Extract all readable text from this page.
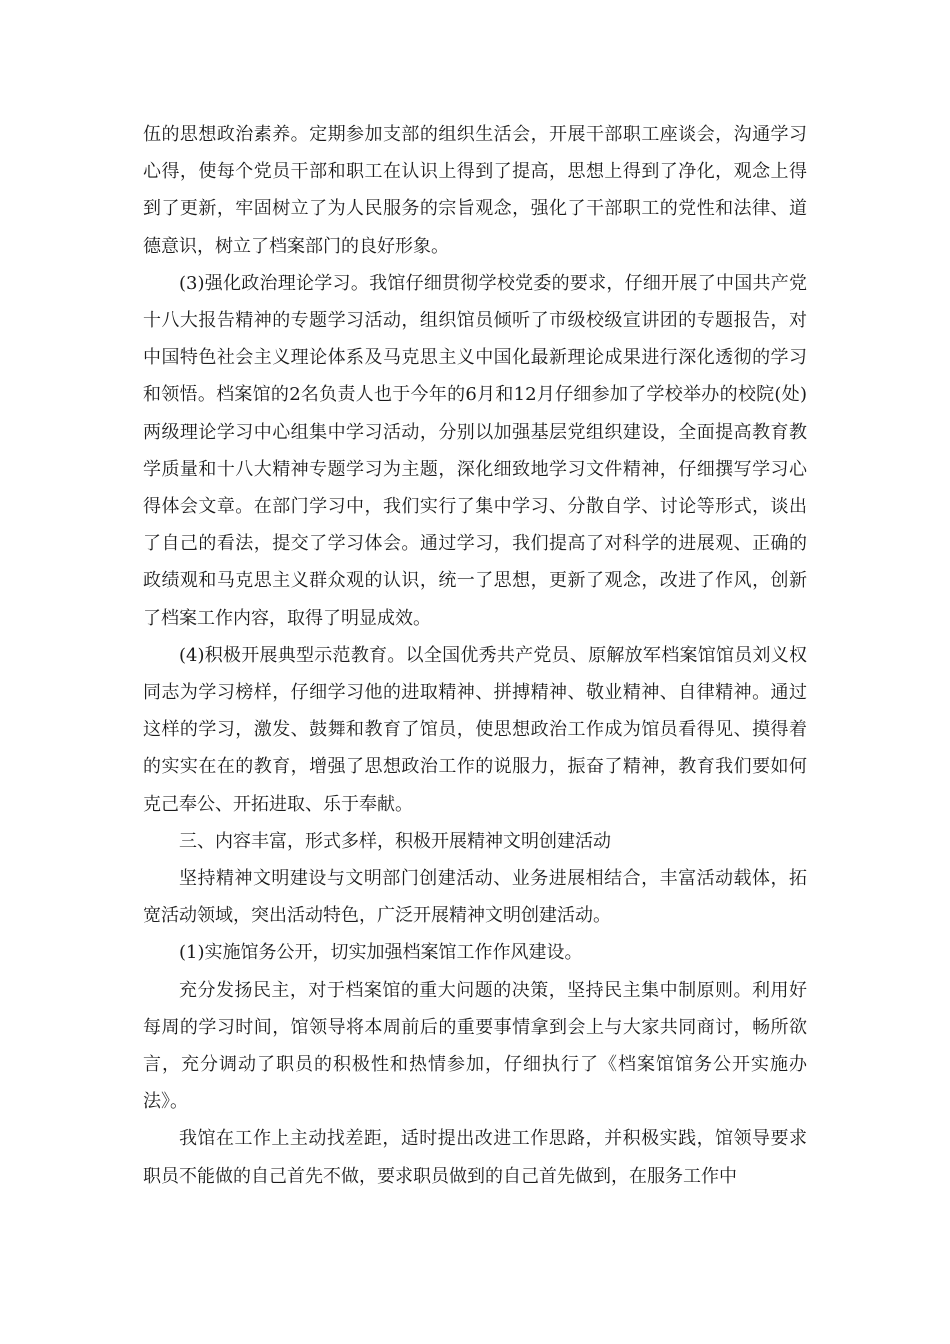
伍的思想政治素养。定期参加支部的组织生活会，开展干部职工座谈会，沟通学习心得，使每个党员干部和职工在认识上得到了提高，思想上得到了净化，观念上得到了更新，牢固树立了为人民服务的宗旨观念，强化了干部职工的党性和法律、道德意识，树立了档案部门的良好形象。

(3)强化政治理论学习。我馆仔细贯彻学校党委的要求，仔细开展了中国共产党十八大报告精神的专题学习活动，组织馆员倾听了市级校级宣讲团的专题报告，对中国特色社会主义理论体系及马克思主义中国化最新理论成果进行深化透彻的学习和领悟。档案馆的2名负责人也于今年的6月和12月仔细参加了学校举办的校院(处)两级理论学习中心组集中学习活动，分别以加强基层党组织建设，全面提高教育教学质量和十八大精神专题学习为主题，深化细致地学习文件精神，仔细撰写学习心得体会文章。在部门学习中，我们实行了集中学习、分散自学、讨论等形式，谈出了自己的看法，提交了学习体会。通过学习，我们提高了对科学的进展观、正确的政绩观和马克思主义群众观的认识，统一了思想，更新了观念，改进了作风，创新了档案工作内容，取得了明显成效。

(4)积极开展典型示范教育。以全国优秀共产党员、原解放军档案馆馆员刘义权同志为学习榜样，仔细学习他的进取精神、拼搏精神、敬业精神、自律精神。通过这样的学习，激发、鼓舞和教育了馆员，使思想政治工作成为馆员看得见、摸得着的实实在在的教育，增强了思想政治工作的说服力，振奋了精神，教育我们要如何克己奉公、开拓进取、乐于奉献。

三、内容丰富，形式多样，积极开展精神文明创建活动

坚持精神文明建设与文明部门创建活动、业务进展相结合，丰富活动载体，拓宽活动领域，突出活动特色，广泛开展精神文明创建活动。

(1)实施馆务公开，切实加强档案馆工作作风建设。

充分发扬民主，对于档案馆的重大问题的决策，坚持民主集中制原则。利用好每周的学习时间，馆领导将本周前后的重要事情拿到会上与大家共同商讨，畅所欲言，充分调动了职员的积极性和热情参加，仔细执行了《档案馆馆务公开实施办法》。

我馆在工作上主动找差距，适时提出改进工作思路，并积极实践，馆领导要求职员不能做的自己首先不做，要求职员做到的自己首先做到，在服务工作中
